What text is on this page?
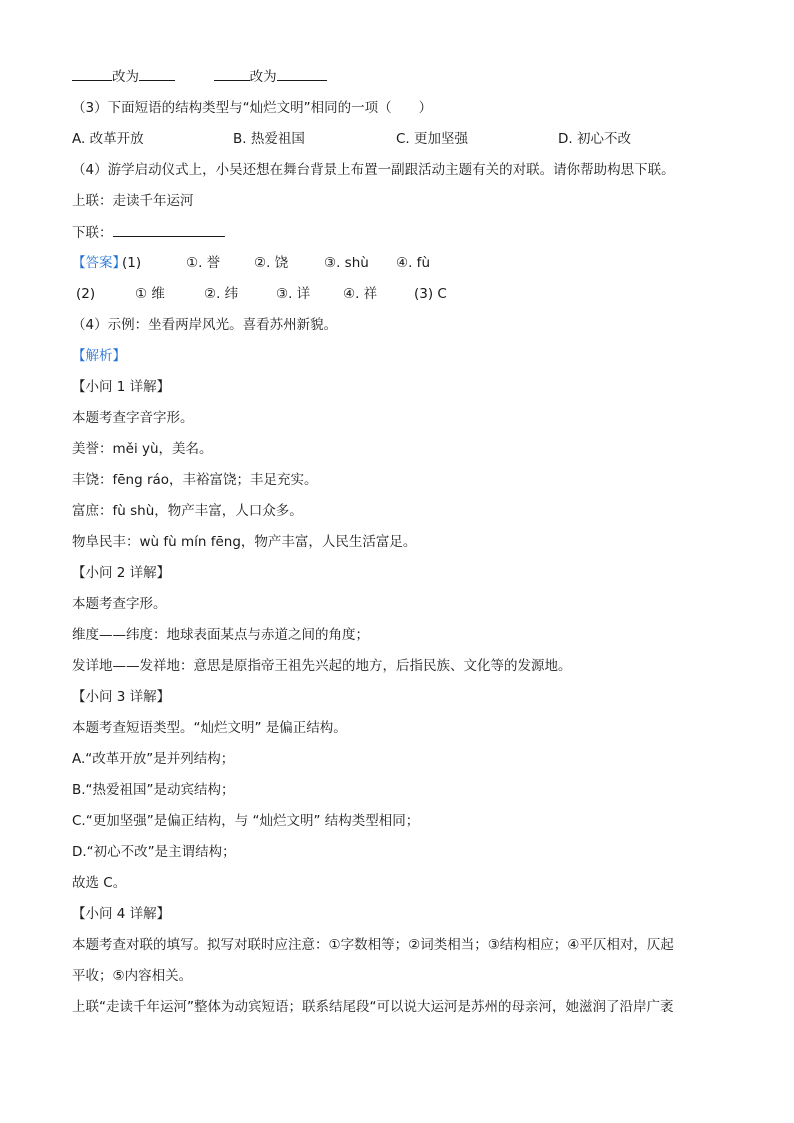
改为	改为
（3）下面短语的结构类型与“灿烂文明”相同的一项（　　）
A. 改革开放	B. 热爱祖国	C. 更加坚强	D. 初心不改
（4）游学启动仪式上，小吴还想在舞台背景上布置一副跟活动主题有关的对联。请你帮助构思下联。
上联：走读千年运河
下联：
【答案】
(1)	①. 誉	②. 饶	③. shù ④. fù
(2)	① 维	②. 纬	③. 详 ④. 祥	(3) C
（4）示例：坐看两岸风光。喜看苏州新貌。
【解析】
【小问 1 详解】
本题考查字音字形。
美誉：měi yù，美名。
丰饶：fēng ráo，丰裕富饶；丰足充实。
富庶：fù shù，物产丰富，人口众多。
物阜民丰：wù fù mín fēng，物产丰富，人民生活富足。
【小问 2 详解】
本题考查字形。
维度——纬度：地球表面某点与赤道之间的角度；
发详地——发祥地：意思是原指帝王祖先兴起的地方，后指民族、文化等的发源地。
【小问 3 详解】
本题考查短语类型。“灿烂文明” 是偏正结构。
A.“改革开放”是并列结构；
B.“热爱祖国”是动宾结构；
C.“更加坚强”是偏正结构，与 “灿烂文明” 结构类型相同；
D.“初心不改”是主谓结构；
故选 C。
【小问 4 详解】
本题考查对联的填写。拟写对联时应注意：①字数相等；②词类相当；③结构相应；④平仄相对，仄起
平收；⑤内容相关。
上联“走读千年运河”整体为动宾短语；联系结尾段“可以说大运河是苏州的母亲河，她滋润了沿岸广袤
